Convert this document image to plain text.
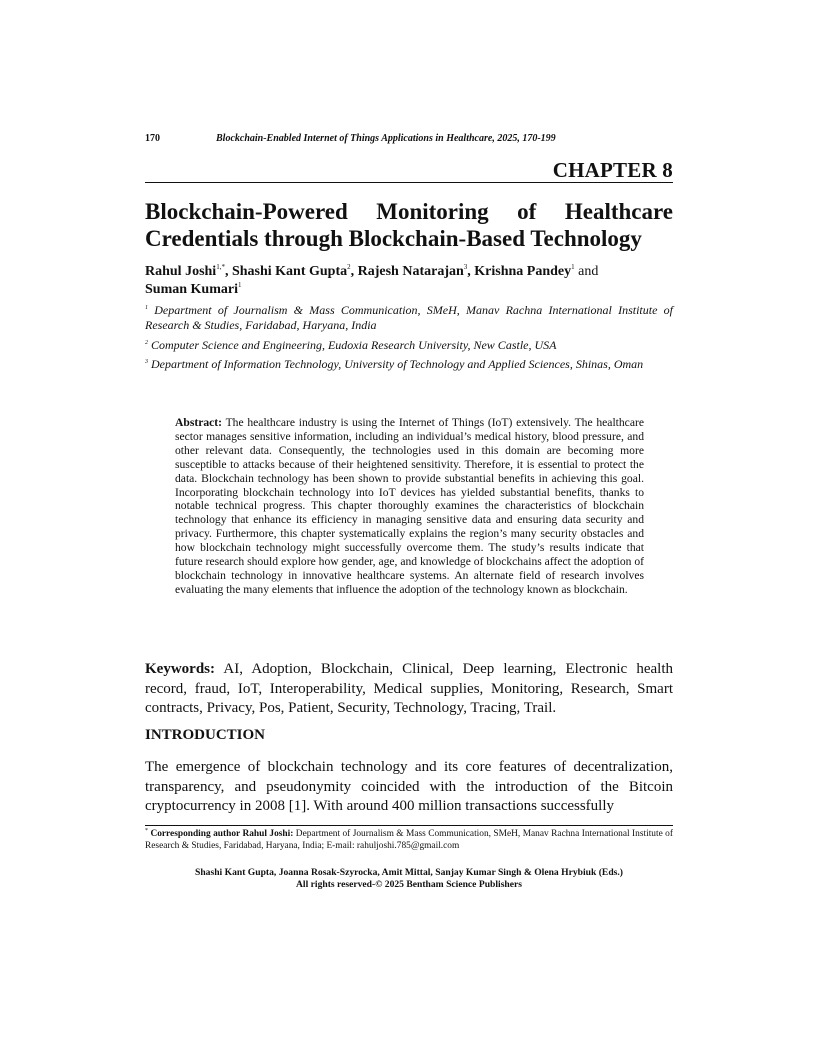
170	Blockchain-Enabled Internet of Things Applications in Healthcare, 2025, 170-199
CHAPTER 8
Blockchain-Powered Monitoring of Healthcare Credentials through Blockchain-Based Technology
Rahul Joshi$^{1,*}$, Shashi Kant Gupta$^2$, Rajesh Natarajan$^3$, Krishna Pandey$^1$ and
Suman Kumari$^1$
$^1$ Department of Journalism & Mass Communication, SMeH, Manav Rachna International Institute of Research & Studies, Faridabad, Haryana, India
$^2$ Computer Science and Engineering, Eudoxia Research University, New Castle, USA
$^3$ Department of Information Technology, University of Technology and Applied Sciences, Shinas, Oman
Abstract: The healthcare industry is using the Internet of Things (IoT) extensively. The healthcare sector manages sensitive information, including an individual’s medical history, blood pressure, and other relevant data. Consequently, the technologies used in this domain are becoming more susceptible to attacks because of their heightened sensitivity. Therefore, it is essential to protect the data. Blockchain technology has been shown to provide substantial benefits in achieving this goal. Incorporating blockchain technology into IoT devices has yielded substantial benefits, thanks to notable technical progress. This chapter thoroughly examines the characteristics of blockchain technology that enhance its efficiency in managing sensitive data and ensuring data security and privacy. Furthermore, this chapter systematically explains the region’s many security obstacles and how blockchain technology might successfully overcome them. The study’s results indicate that future research should explore how gender, age, and knowledge of blockchains affect the adoption of blockchain technology in innovative healthcare systems. An alternate field of research involves evaluating the many elements that influence the adoption of the technology known as blockchain.
Keywords: AI, Adoption, Blockchain, Clinical, Deep learning, Electronic health record, fraud, IoT, Interoperability, Medical supplies, Monitoring, Research, Smart contracts, Privacy, Pos, Patient, Security, Technology, Tracing, Trail.
INTRODUCTION
The emergence of blockchain technology and its core features of decentralization, transparency, and pseudonymity coincided with the introduction of the Bitcoin cryptocurrency in 2008 [1]. With around 400 million transactions successfully
* Corresponding author Rahul Joshi: Department of Journalism & Mass Communication, SMeH, Manav Rachna International Institute of Research & Studies, Faridabad, Haryana, India; E-mail: rahuljoshi.785@gmail.com
Shashi Kant Gupta, Joanna Rosak-Szyrocka, Amit Mittal, Sanjay Kumar Singh & Olena Hrybiuk (Eds.)
All rights reserved-© 2025 Bentham Science Publishers
